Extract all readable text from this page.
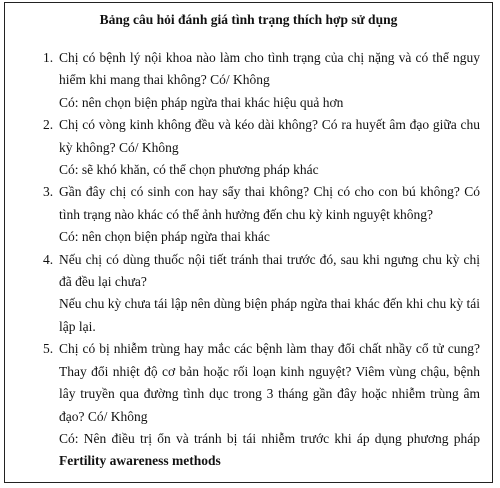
Bảng câu hỏi đánh giá tình trạng thích hợp sử dụng
1. Chị có bệnh lý nội khoa nào làm cho tình trạng của chị nặng và có thể nguy hiểm khi mang thai không? Có/ Không
Có: nên chọn biện pháp ngừa thai khác hiệu quả hơn
2. Chị có vòng kinh không đều và kéo dài không? Có ra huyết âm đạo giữa chu kỳ không? Có/ Không
Có: sẽ khó khăn, có thể chọn phương pháp khác
3. Gần đây chị có sinh con hay sẩy thai không? Chị có cho con bú không? Có tình trạng nào khác có thể ảnh hưởng đến chu kỳ kinh nguyệt không?
Có: nên chọn biện pháp ngừa thai khác
4. Nếu chị có dùng thuốc nội tiết tránh thai trước đó, sau khi ngưng chu kỳ chị đã đều lại chưa?
Nếu chu kỳ chưa tái lập nên dùng biện pháp ngừa thai khác đến khi chu kỳ tái lập lại.
5. Chị có bị nhiễm trùng hay mắc các bệnh làm thay đổi chất nhầy cổ tử cung? Thay đổi nhiệt độ cơ bản hoặc rối loạn kinh nguyệt? Viêm vùng chậu, bệnh lây truyền qua đường tình dục trong 3 tháng gần đây hoặc nhiễm trùng âm đạo? Có/ Không
Có: Nên điều trị ổn và tránh bị tái nhiễm trước khi áp dụng phương pháp Fertility awareness methods
